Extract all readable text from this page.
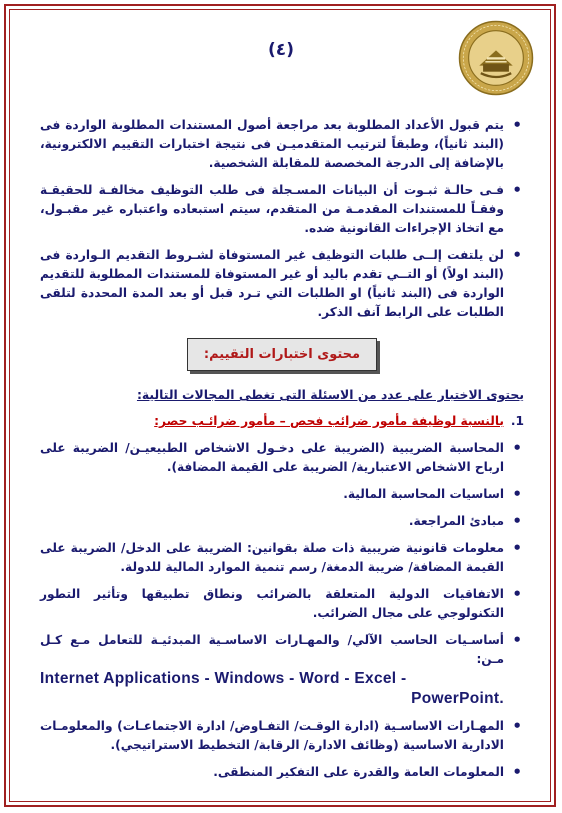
(٤)
• يتم قبول الأعداد المطلوبة بعد مراجعة أصول المستندات المطلوبة الواردة فى (البند ثانياً)، وطبقاً لترتيب المتقدميـن فى نتيجة اختبارات التقييم الالكترونية، بالإضافة إلى الدرجة المخصصة للمقابلة الشخصية.
• فـى حالـة ثبـوت أن البيانات المسـجلة فى طلب التوظيف مخالفـة للحقيقـة وفقـاً للمستندات المقدمـة من المتقدم، سيتم استبعاده واعتباره غير مقبـول، مع اتخاذ الإجراءات القانونية ضده.
• لن يلتفت إلــى طلبات التوظيف غير المستوفاة لشـروط التقديم الـواردة فى (البند اولاً) أو التــي تقدم باليد أو غير المستوفاة للمستندات المطلوبة للتقديم الواردة فى (البند ثانياً) او الطلبات التي تـرد قبل أو بعد المدة المحددة لتلقى الطلبات على الرابط آنف الذكر.
محتوى اختبارات التقييم:
يحتوى الاختبار على عدد من الاسئلة التى تغطى المجالات التالية:
1.
بالنسبة لوظيفة مأمور ضرائب فحص – مأمور ضرائـب حصر:
• المحاسبة الضريبية (الضريبة على دخـول الاشخاص الطبيعيـن/ الضريبة على ارباح الاشخاص الاعتبارية/ الضريبة على القيمة المضافة).
• اساسيات المحاسبة المالية.
• مبادئ المراجعة.
• معلومات قانونية ضريبية ذات صلة بقوانين: الضريبة على الدخل/ الضريبة على القيمة المضافة/ ضريبة الدمغة/ رسم تنمية الموارد المالية للدولة.
• الاتفاقيات الدولية المتعلقة بالضرائب ونطاق تطبيقها وتأثير التطور التكنولوجي على مجال الضرائب.
• أساسـيات الحاسب الآلي/ والمهـارات الاساسـية المبدئيـة للتعامل مـع كـل مـن:
Internet Applications - Windows - Word - Excel -
PowerPoint.
• المهـارات الاساسـية (ادارة الوقـت/ التفـاوض/ ادارة الاجتماعـات) والمعلومـات الادارية الاساسية (وظائف الادارة/ الرقابة/ التخطيط الاستراتيجي).
• المعلومات العامة والقدرة على التفكير المنطقى.
